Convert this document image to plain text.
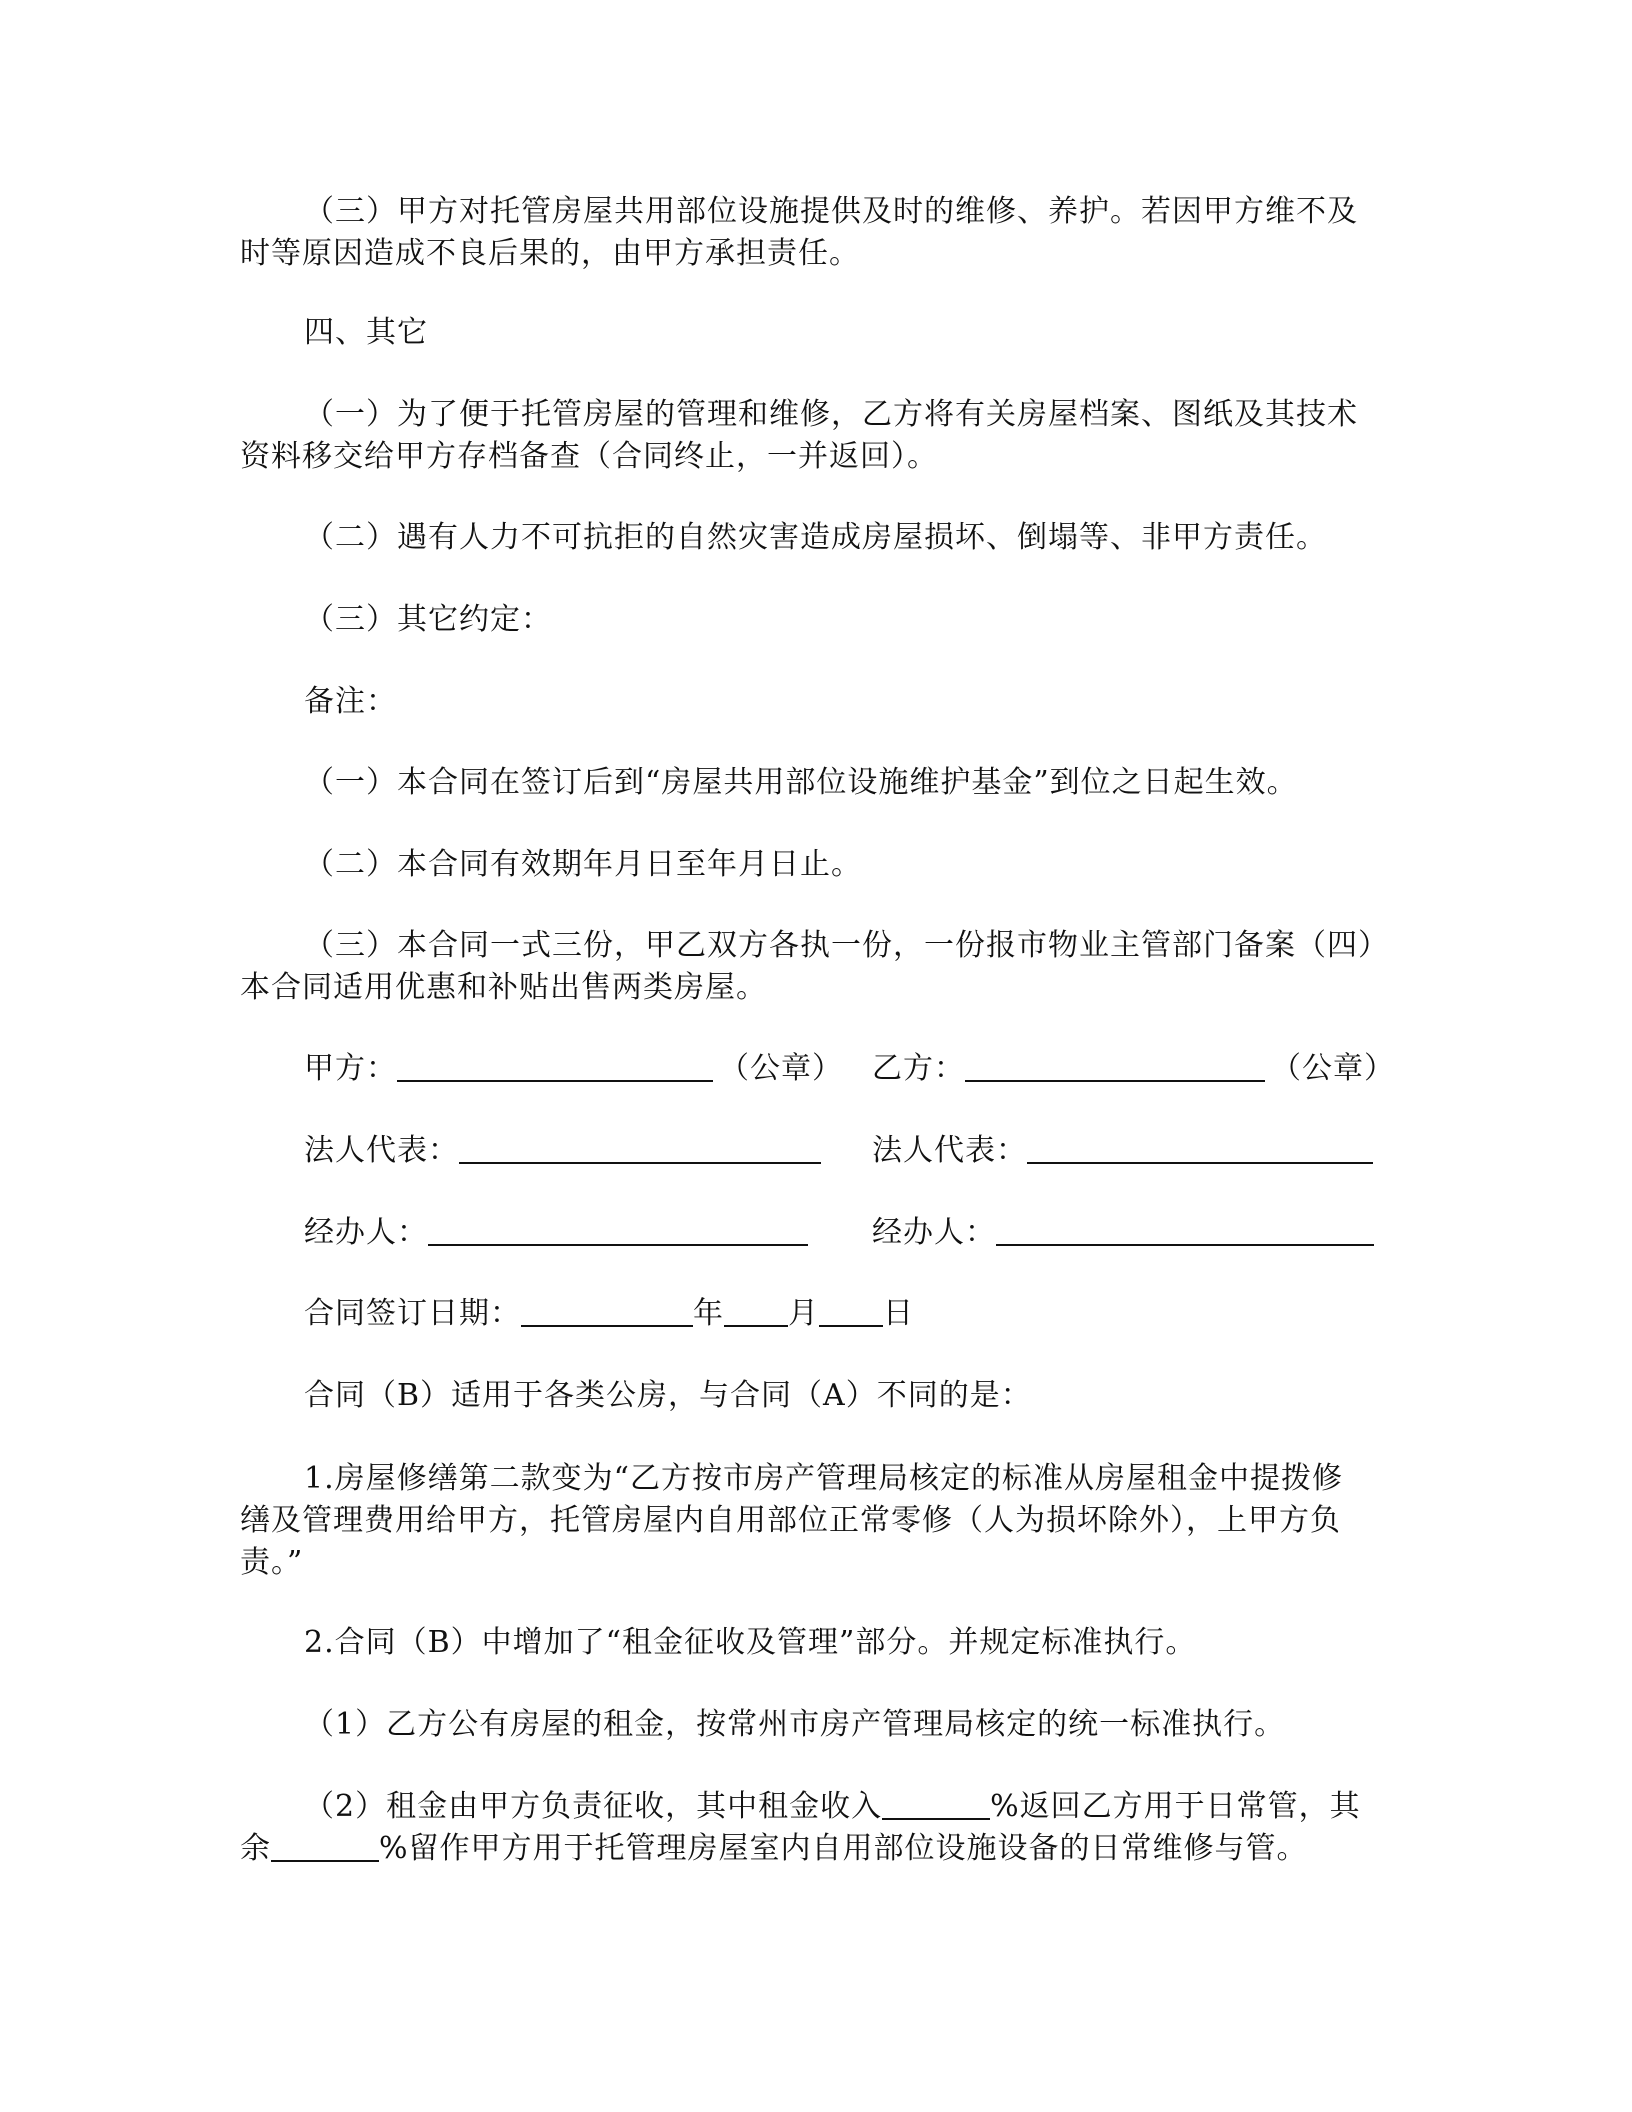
（三）甲方对托管房屋共用部位设施提供及时的维修、养护。若因甲方维不及
时等原因造成不良后果的，由甲方承担责任。
四、其它
（一）为了便于托管房屋的管理和维修，乙方将有关房屋档案、图纸及其技术
资料移交给甲方存档备查（合同终止，一并返回）。
（二）遇有人力不可抗拒的自然灾害造成房屋损坏、倒塌等、非甲方责任。
（三）其它约定：
备注：
（一）本合同在签订后到“房屋共用部位设施维护基金”到位之日起生效。
（二）本合同有效期年月日至年月日止。
（三）本合同一式三份，甲乙双方各执一份，一份报市物业主管部门备案（四）
本合同适用优惠和补贴出售两类房屋。
甲方：	（公章） 乙方：	（公章）
法人代表：	法人代表：
经办人：	经办人：
合同签订日期：	年 月 日
合同（B）适用于各类公房，与合同（A）不同的是：
1.房屋修缮第二款变为“乙方按市房产管理局核定的标准从房屋租金中提拨修
缮及管理费用给甲方，托管房屋内自用部位正常零修（人为损坏除外），上甲方负
责。”
2.合同（B）中增加了“租金征收及管理”部分。并规定标准执行。
（1）乙方公有房屋的租金，按常州市房产管理局核定的统一标准执行。
（2）租金由甲方负责征收，其中租金收入	%返回乙方用于日常管，其
余	%留作甲方用于托管理房屋室内自用部位设施设备的日常维修与管。
